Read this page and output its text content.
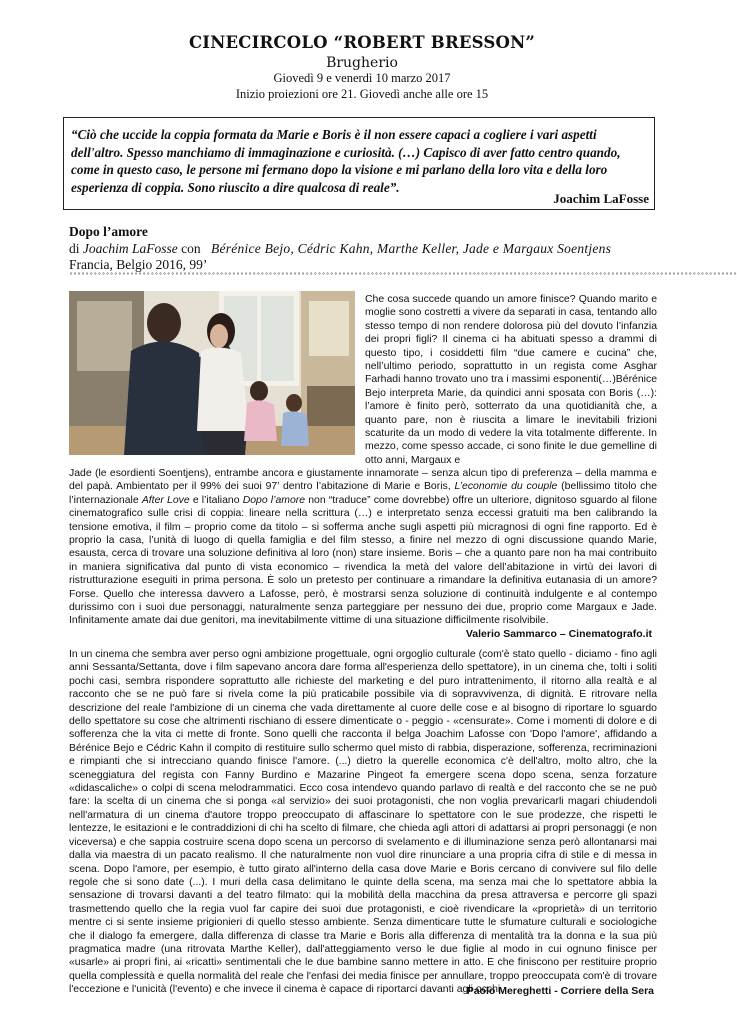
CINECIRCOLO “ROBERT BRESSON”
Brugherio
Giovedì 9 e venerdì 10 marzo 2017
Inizio proiezioni ore 21. Giovedì anche alle ore 15
“Ciò che uccide la coppia formata da Marie e Boris è il non essere capaci a cogliere i vari aspetti dell'altro. Spesso manchiamo di immaginazione e curiosità. (…) Capisco di aver fatto centro quando, come in questo caso, le persone mi fermano dopo la visione e mi parlano della loro vita e della loro esperienza di coppia. Sono riuscito a dire qualcosa di reale”.
Joachim LaFosse
Dopo l’amore
di Joachim LaFosse con Bérénice Bejo, Cédric Kahn, Marthe Keller, Jade e Margaux Soentjens
Francia, Belgio 2016, 99’
°°°°°°°°°°°°°°°°°°°°°°°°°°°°°°°°°°°°°°°°°°°°°°°°°°°°°°°°°°°°°°°°°°°°°°°°°°°°°°°°°°°°°°°°°°°°°°°°°°°°°°°°°°°°°°°°°°°°°°°°°°°°°°°°°°°°°°°°°°°°°°°°°°°°°°°°°°°°°°°°°°°°
Che cosa succede quando un amore finisce? Quando marito e moglie sono costretti a vivere da separati in casa, tentando allo stesso tempo di non rendere dolorosa più del dovuto l’infanzia dei propri figli? Il cinema ci ha abituati spesso a drammi di questo tipo, i cosiddetti film “due camere e cucina” che, nell’ultimo periodo, soprattutto in un regista come Asghar Farhadi hanno trovato uno tra i massimi esponenti(…)Bérénice Bejo interpreta Marie, da quindici anni sposata con Boris (…): l’amore è finito però, sotterrato da una quotidianità che, a quanto pare, non è riuscita a limare le inevitabili frizioni scaturite da un modo di vedere la vita totalmente differente. In mezzo, come spesso accade, ci sono finite le due gemelline di otto anni, Margaux e
Jade (le esordienti Soentjens), entrambe ancora e giustamente innamorate – senza alcun tipo di preferenza – della mamma e del papà. Ambientato per il 99% dei suoi 97’ dentro l’abitazione di Marie e Boris, L’economie du couple (bellissimo titolo che l’internazionale After Love e l’italiano Dopo l’amore non “traduce” come dovrebbe) offre un ulteriore, dignitoso sguardo al filone cinematografico sulle crisi di coppia: lineare nella scrittura (…) e interpretato senza eccessi gratuiti ma ben calibrando la tensione emotiva, il film – proprio come da titolo – si sofferma anche sugli aspetti più micragnosi di ogni fine rapporto. Ed è proprio la casa, l’unità di luogo di quella famiglia e del film stesso, a finire nel mezzo di ogni discussione quando Marie, esausta, cerca di trovare una soluzione definitiva al loro (non) stare insieme. Boris – che a quanto pare non ha mai contribuito in maniera significativa dal punto di vista economico – rivendica la metà del valore dell’abitazione in virtù dei lavori di ristrutturazione eseguiti in prima persona. È solo un pretesto per continuare a rimandare la definitiva eutanasia di un amore? Forse. Quello che interessa davvero a Lafosse, però, è mostrarsi senza soluzione di continuità indulgente e al contempo durissimo con i suoi due personaggi, naturalmente senza parteggiare per nessuno dei due, proprio come Margaux e Jade. Infinitamente amate dai due genitori, ma inevitabilmente vittime di una situazione difficilmente risolvibile.
Valerio Sammarco – Cinematografo.it
In un cinema che sembra aver perso ogni ambizione progettuale, ogni orgoglio culturale (com'è stato quello - diciamo - fino agli anni Sessanta/Settanta, dove i film sapevano ancora dare forma all'esperienza dello spettatore), in un cinema che, tolti i soliti pochi casi, sembra rispondere soprattutto alle richieste del marketing e del puro intrattenimento, il ritorno alla realtà e al racconto che se ne può fare si rivela come la più praticabile possibile via di sopravvivenza, di dignità. E ritrovare nella descrizione del reale l'ambizione di un cinema che vada direttamente al cuore delle cose e al bisogno di riportare lo sguardo dello spettatore su cose che altrimenti rischiano di essere dimenticate o - peggio - «censurate». Come i momenti di dolore e di sofferenza che la vita ci mette di fronte. Sono quelli che racconta il belga Joachim Lafosse con 'Dopo l'amore', affidando a Bérénice Bejo e Cédric Kahn il compito di restituire sullo schermo quel misto di rabbia, disperazione, sofferenza, recriminazioni e rimpianti che si intrecciano quando finisce l'amore. (...) dietro la querelle economica c'è dell'altro, molto altro, che la sceneggiatura del regista con Fanny Burdino e Mazarine Pingeot fa emergere scena dopo scena, senza forzature «didascaliche» o colpi di scena melodrammatici. Ecco cosa intendevo quando parlavo di realtà e del racconto che se ne può fare: la scelta di un cinema che si ponga «al servizio» dei suoi protagonisti, che non voglia prevaricarli magari chiudendoli nell'armatura di un cinema d'autore troppo preoccupato di affascinare lo spettatore con le sue prodezze, che rispetti le lentezze, le esitazioni e le contraddizioni di chi ha scelto di filmare, che chieda agli attori di adattarsi ai propri personaggi (e non viceversa) e che sappia costruire scena dopo scena un percorso di svelamento e di illuminazione senza però allontanarsi mai dalla via maestra di un pacato realismo. Il che naturalmente non vuol dire rinunciare a una propria cifra di stile e di messa in scena. Dopo l'amore, per esempio, è tutto girato all'interno della casa dove Marie e Boris cercano di convivere sul filo delle regole che si sono date (...). I muri della casa delimitano le quinte della scena, ma senza mai che lo spettatore abbia la sensazione di trovarsi davanti a del teatro filmato: qui la mobilità della macchina da presa attraversa e percorre gli spazi trasmettendo quello che la regia vuol far capire dei suoi due protagonisti, e cioè rivendicare la «proprietà» di un territorio mentre ci si sente insieme prigionieri di quello stesso ambiente. Senza dimenticare tutte le sfumature culturali e sociologiche che il dialogo fa emergere, dalla differenza di classe tra Marie e Boris alla differenza di mentalità tra la donna e la sua più pragmatica madre (una ritrovata Marthe Keller), dall'atteggiamento verso le due figlie al modo in cui ognuno finisce per «usarle» ai propri fini, ai «ricatti» sentimentali che le due bambine sanno mettere in atto. E che finiscono per restituire proprio quella complessità e quella normalità del reale che l'enfasi dei media finisce per annullare, troppo preoccupata com'è di trovare l'eccezione e l'unicità (l'evento) e che invece il cinema è capace di riportarci davanti agli occhi.
Paolo Mereghetti - Corriere della Sera
